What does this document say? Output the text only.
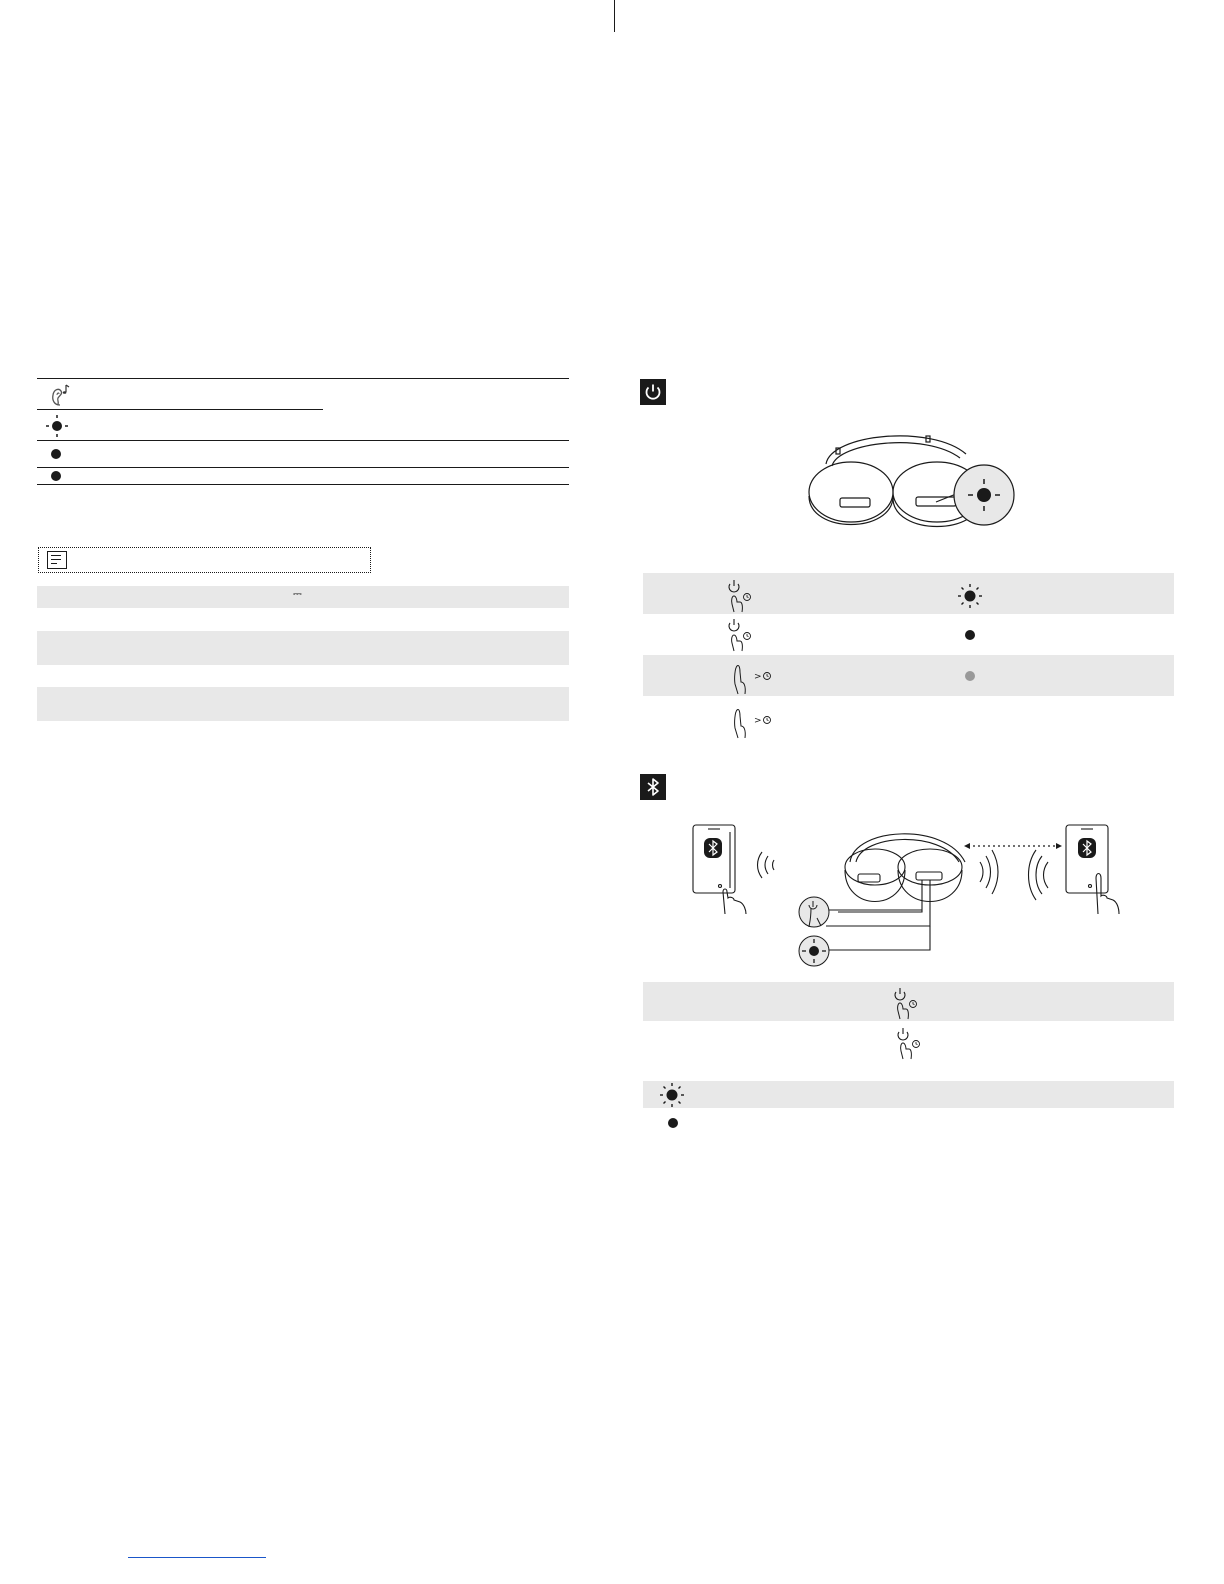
⎓
>
>
